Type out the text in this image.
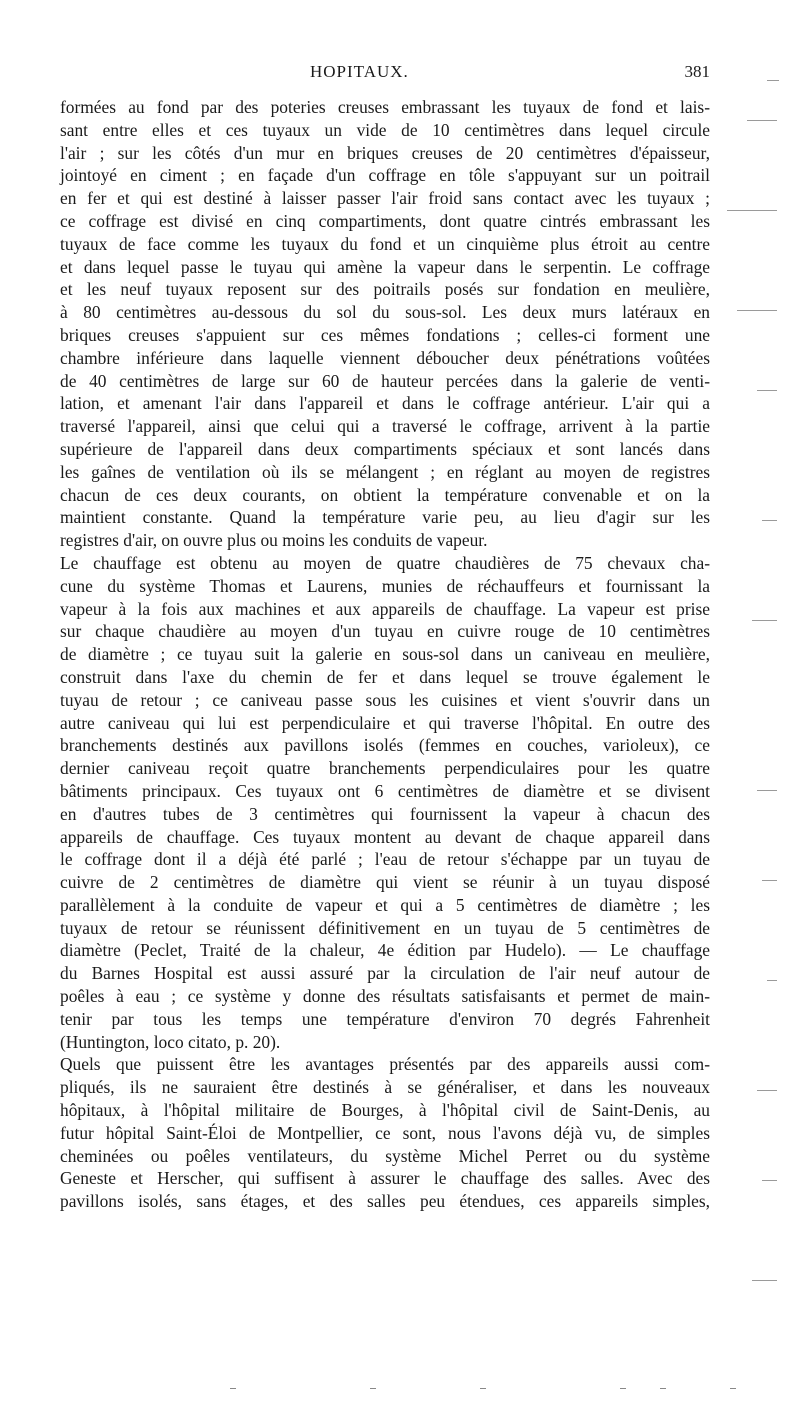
HOPITAUX.	381
formées au fond par des poteries creuses embrassant les tuyaux de fond et lais-
sant entre elles et ces tuyaux un vide de 10 centimètres dans lequel circule
l'air ; sur les côtés d'un mur en briques creuses de 20 centimètres d'épaisseur,
jointoyé en ciment ; en façade d'un coffrage en tôle s'appuyant sur un poitrail
en fer et qui est destiné à laisser passer l'air froid sans contact avec les tuyaux ;
ce coffrage est divisé en cinq compartiments, dont quatre cintrés embrassant les
tuyaux de face comme les tuyaux du fond et un cinquième plus étroit au centre
et dans lequel passe le tuyau qui amène la vapeur dans le serpentin. Le coffrage
et les neuf tuyaux reposent sur des poitrails posés sur fondation en meulière,
à 80 centimètres au-dessous du sol du sous-sol. Les deux murs latéraux en
briques creuses s'appuient sur ces mêmes fondations ; celles-ci forment une
chambre inférieure dans laquelle viennent déboucher deux pénétrations voûtées
de 40 centimètres de large sur 60 de hauteur percées dans la galerie de venti-
lation, et amenant l'air dans l'appareil et dans le coffrage antérieur. L'air qui a
traversé l'appareil, ainsi que celui qui a traversé le coffrage, arrivent à la partie
supérieure de l'appareil dans deux compartiments spéciaux et sont lancés dans
les gaînes de ventilation où ils se mélangent ; en réglant au moyen de registres
chacun de ces deux courants, on obtient la température convenable et on la
maintient constante. Quand la température varie peu, au lieu d'agir sur les
registres d'air, on ouvre plus ou moins les conduits de vapeur.
Le chauffage est obtenu au moyen de quatre chaudières de 75 chevaux cha-
cune du système Thomas et Laurens, munies de réchauffeurs et fournissant la
vapeur à la fois aux machines et aux appareils de chauffage. La vapeur est prise
sur chaque chaudière au moyen d'un tuyau en cuivre rouge de 10 centimètres
de diamètre ; ce tuyau suit la galerie en sous-sol dans un caniveau en meulière,
construit dans l'axe du chemin de fer et dans lequel se trouve également le
tuyau de retour ; ce caniveau passe sous les cuisines et vient s'ouvrir dans un
autre caniveau qui lui est perpendiculaire et qui traverse l'hôpital. En outre des
branchements destinés aux pavillons isolés (femmes en couches, varioleux), ce
dernier caniveau reçoit quatre branchements perpendiculaires pour les quatre
bâtiments principaux. Ces tuyaux ont 6 centimètres de diamètre et se divisent
en d'autres tubes de 3 centimètres qui fournissent la vapeur à chacun des
appareils de chauffage. Ces tuyaux montent au devant de chaque appareil dans
le coffrage dont il a déjà été parlé ; l'eau de retour s'échappe par un tuyau de
cuivre de 2 centimètres de diamètre qui vient se réunir à un tuyau disposé
parallèlement à la conduite de vapeur et qui a 5 centimètres de diamètre ; les
tuyaux de retour se réunissent définitivement en un tuyau de 5 centimètres de
diamètre (Peclet, Traité de la chaleur, 4e édition par Hudelo). — Le chauffage
du Barnes Hospital est aussi assuré par la circulation de l'air neuf autour de
poêles à eau ; ce système y donne des résultats satisfaisants et permet de main-
tenir par tous les temps une température d'environ 70 degrés Fahrenheit
(Huntington, loco citato, p. 20).
Quels que puissent être les avantages présentés par des appareils aussi com-
pliqués, ils ne sauraient être destinés à se généraliser, et dans les nouveaux
hôpitaux, à l'hôpital militaire de Bourges, à l'hôpital civil de Saint-Denis, au
futur hôpital Saint-Éloi de Montpellier, ce sont, nous l'avons déjà vu, de simples
cheminées ou poêles ventilateurs, du système Michel Perret ou du système
Geneste et Herscher, qui suffisent à assurer le chauffage des salles. Avec des
pavillons isolés, sans étages, et des salles peu étendues, ces appareils simples,
